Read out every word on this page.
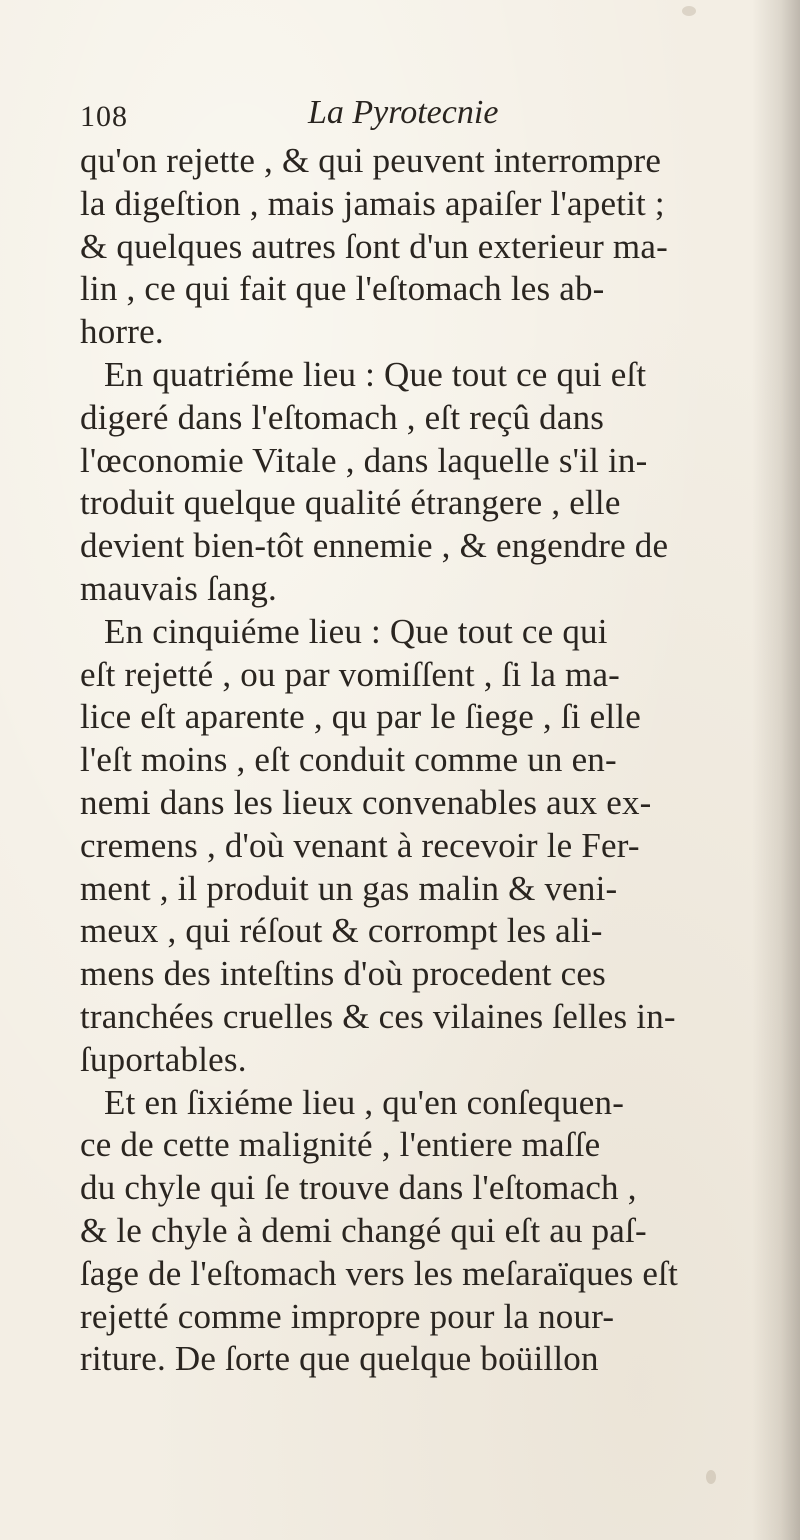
108	La Pyrotecnie
qu'on rejette , & qui peuvent interrompre
la digeſtion , mais jamais apaiſer l'apetit ;
& quelques autres ſont d'un exterieur ma-
lin , ce qui fait que l'eſtomach les ab-
horre.
En quatriéme lieu : Que tout ce qui eſt
digeré dans l'eſtomach , eſt reçû dans
l'œconomie Vitale , dans laquelle s'il in-
troduit quelque qualité étrangere , elle
devient bien-tôt ennemie , & engendre de
mauvais ſang.
En cinquiéme lieu : Que tout ce qui
eſt rejetté , ou par vomiſſent , ſi la ma-
lice eſt aparente , qu par le ſiege , ſi elle
l'eſt moins , eſt conduit comme un en-
nemi dans les lieux convenables aux ex-
cremens , d'où venant à recevoir le Fer-
ment , il produit un gas malin & veni-
meux , qui réſout & corrompt les ali-
mens des inteſtins d'où procedent ces
tranchées cruelles & ces vilaines ſelles in-
ſuportables.
Et en ſixiéme lieu , qu'en conſequen-
ce de cette malignité , l'entiere maſſe
du chyle qui ſe trouve dans l'eſtomach ,
& le chyle à demi changé qui eſt au paſ-
ſage de l'eſtomach vers les meſaraïques eſt
rejetté comme impropre pour la nour-
riture. De ſorte que quelque boüillon
